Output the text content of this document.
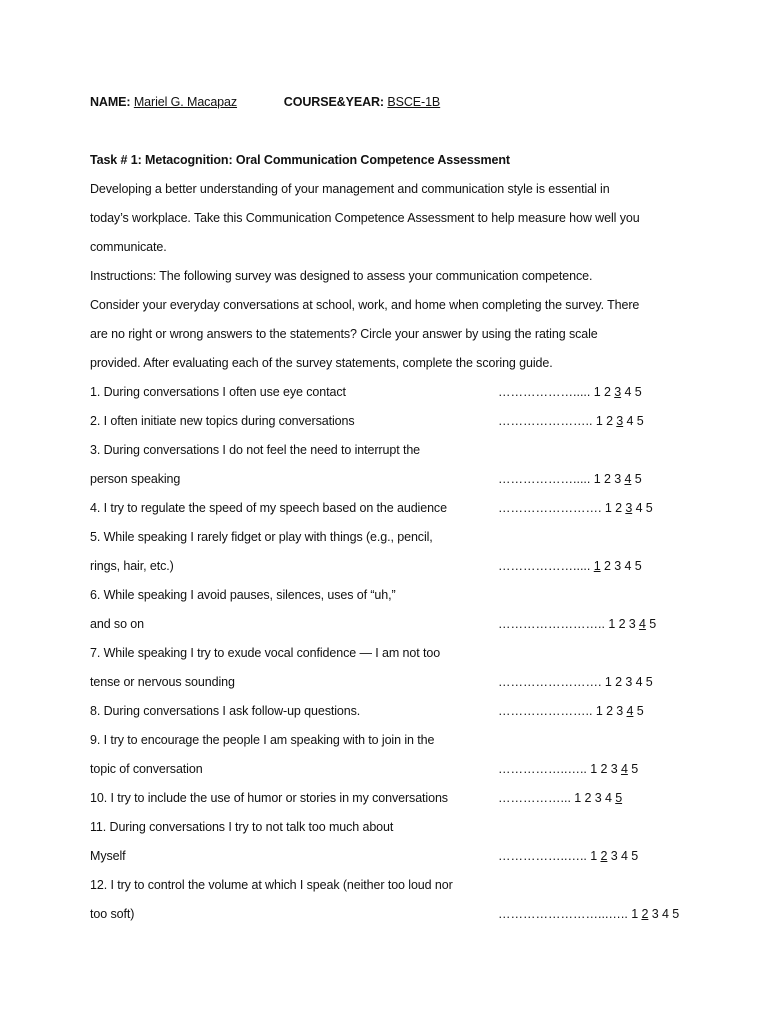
NAME: Mariel G. Macapaz	COURSE&YEAR: BSCE-1B
Task # 1: Metacognition: Oral Communication Competence Assessment
Developing a better understanding of your management and communication style is essential in
today’s workplace. Take this Communication Competence Assessment to help measure how well you
communicate.
Instructions: The following survey was designed to assess your communication competence.
Consider your everyday conversations at school, work, and home when completing the survey. There
are no right or wrong answers to the statements? Circle your answer by using the rating scale
provided. After evaluating each of the survey statements, complete the scoring guide.
1. During conversations I often use eye contact	………………..... 1 2 3 4 5
2. I often initiate new topics during conversations	………………….. 1 2 3 4 5
3. During conversations I do not feel the need to interrupt the
person speaking	………………..... 1 2 3 4 5
4. I try to regulate the speed of my speech based on the audience	……………………. 1 2 3 4 5
5. While speaking I rarely fidget or play with things (e.g., pencil,
rings, hair, etc.)	………………..... 1 2 3 4 5
6. While speaking I avoid pauses, silences, uses of “uh,”
and so on	…………………….. 1 2 3 4 5
7. While speaking I try to exude vocal confidence — I am not too
tense or nervous sounding	……………………. 1 2 3 4 5
8. During conversations I ask follow-up questions.	………………….. 1 2 3 4 5
9. I try to encourage the people I am speaking with to join in the
topic of conversation	……………..….. 1 2 3 4 5
10. I try to include the use of humor or stories in my conversations	……………... 1 2 3 4 5
11. During conversations I try to not talk too much about
Myself	……………..….. 1 2 3 4 5
12. I try to control the volume at which I speak (neither too loud nor
too soft)	……………………...….. 1 2 3 4 5
